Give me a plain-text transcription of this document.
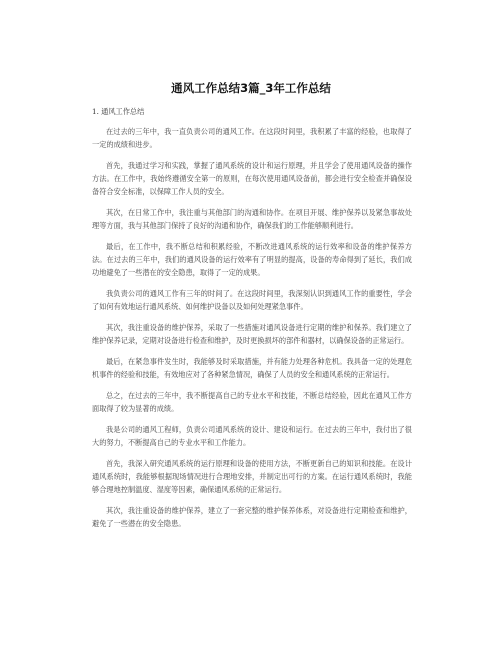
通风工作总结3篇_3年工作总结
1. 通风工作总结

在过去的三年中，我一直负责公司的通风工作。在这段时间里，我积累了丰富的经验，也取得了一定的成绩和进步。

首先，我通过学习和实践，掌握了通风系统的设计和运行原理，并且学会了使用通风设备的操作方法。在工作中，我始终遵循安全第一的原则，在每次使用通风设备前，都会进行安全检查并确保设备符合安全标准，以保障工作人员的安全。

其次，在日常工作中，我注重与其他部门的沟通和协作。在项目开展、维护保养以及紧急事故处理等方面，我与其他部门保持了良好的沟通和协作，确保我们的工作能够顺利进行。

最后，在工作中，我不断总结和积累经验，不断改进通风系统的运行效率和设备的维护保养方法。在过去的三年中，我们的通风设备的运行效率有了明显的提高，设备的寿命得到了延长，我们成功地避免了一些潜在的安全隐患，取得了一定的成果。

我负责公司的通风工作有三年的时间了。在这段时间里，我深刻认识到通风工作的重要性，学会了如何有效地运行通风系统、如何维护设备以及如何处理紧急事件。

其次，我注重设备的维护保养，采取了一些措施对通风设备进行定期的维护和保养。我们建立了维护保养记录，定期对设备进行检查和维护，及时更换损坏的部件和器材，以确保设备的正常运行。

最后，在紧急事件发生时，我能够及时采取措施，并有能力处理各种危机。我具备一定的处理危机事件的经验和技能，有效地应对了各种紧急情况，确保了人员的安全和通风系统的正常运行。

总之，在过去的三年中，我不断提高自己的专业水平和技能，不断总结经验，因此在通风工作方面取得了较为显著的成绩。

我是公司的通风工程师，负责公司通风系统的设计、建设和运行。在过去的三年中，我付出了很大的努力，不断提高自己的专业水平和工作能力。

首先，我深入研究通风系统的运行原理和设备的使用方法，不断更新自己的知识和技能。在设计通风系统时，我能够根据现场情况进行合理地安排，并制定出可行的方案。在运行通风系统时，我能够合理地控制温度、湿度等因素，确保通风系统的正常运行。

其次，我注重设备的维护保养，建立了一套完整的维护保养体系，对设备进行定期检查和维护，避免了一些潜在的安全隐患。
